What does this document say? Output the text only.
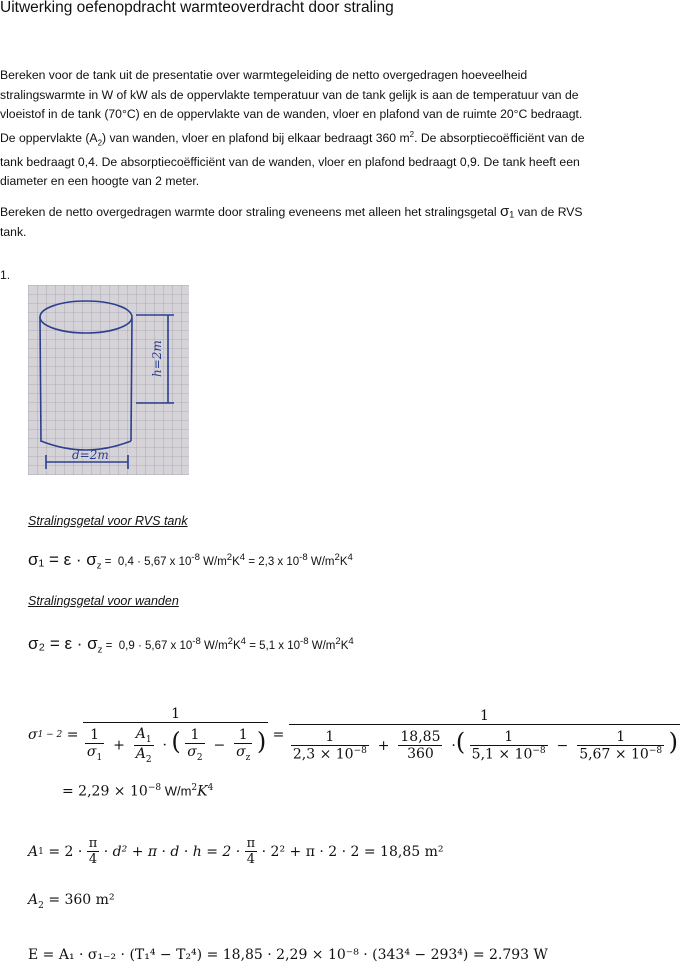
Uitwerking oefenopdracht warmteoverdracht door straling
Bereken voor de tank uit de presentatie over warmtegeleiding de netto overgedragen hoeveelheid stralingswarmte in W of kW als de oppervlakte temperatuur van de tank gelijk is aan de temperatuur van de vloeistof in de tank (70°C) en de oppervlakte van de wanden, vloer en plafond van de ruimte 20°C bedraagt. De oppervlakte $(A_2)$ van wanden, vloer en plafond bij elkaar bedraagt 360 $m^2$. De absorptiecoëfficiënt van de tank bedraagt 0,4. De absorptiecoëfficiënt van de wanden, vloer en plafond bedraagt 0,9. De tank heeft een diameter en een hoogte van 2 meter.
Bereken de netto overgedragen warmte door straling eveneens met alleen het stralingsgetal σ₁ van de RVS tank.
1.
h=2m
d=2m
Stralingsgetal voor RVS tank
$\sigma_1 = \varepsilon \cdot \sigma_z = 0,4 \cdot 5,67$ x $10^{-8}$ $W/m^2K^4 = 2,3$ x $10^{-8}$ $W/m^2K^4$
Stralingsgetal voor wanden
$\sigma_2 = \varepsilon \cdot \sigma_z = 0,9 \cdot 5,67$ x $10^{-8}$ $W/m^2K^4 = 5,1$ x $10^{-8}$ $W/m^2K^4$
σ 1 − 2 =
1
$\frac{1}{\sigma_1} + \frac{A_1}{A_2}$ · ( $\frac{1}{\sigma_2} - \frac{1}{\sigma_z}$ ) =
1
$\frac{1}{2,3 \times 10^{-8}} + \frac{18,85}{360}$ ·( $\frac{1}{5,1 \times 10^{-8}} - \frac{1}{5,67 \times 10^{-8}}$ )
= $2,29 \times 10^{-8}$ $W/m^2K^4$
A 1
= 2 ·
$\frac{\pi}{4}$
· d² + π · d · h = 2 ·
$\frac{\pi}{4}$
· 2² + π · 2 · 2 = 18,85 m²
$A_2 = 360$ m²
E = A₁ · σ₁₋₂ · (T₁⁴ − T₂⁴) = 18,85 · 2,29 × 10⁻⁸ · (343⁴ − 293⁴) = 2.793 W
